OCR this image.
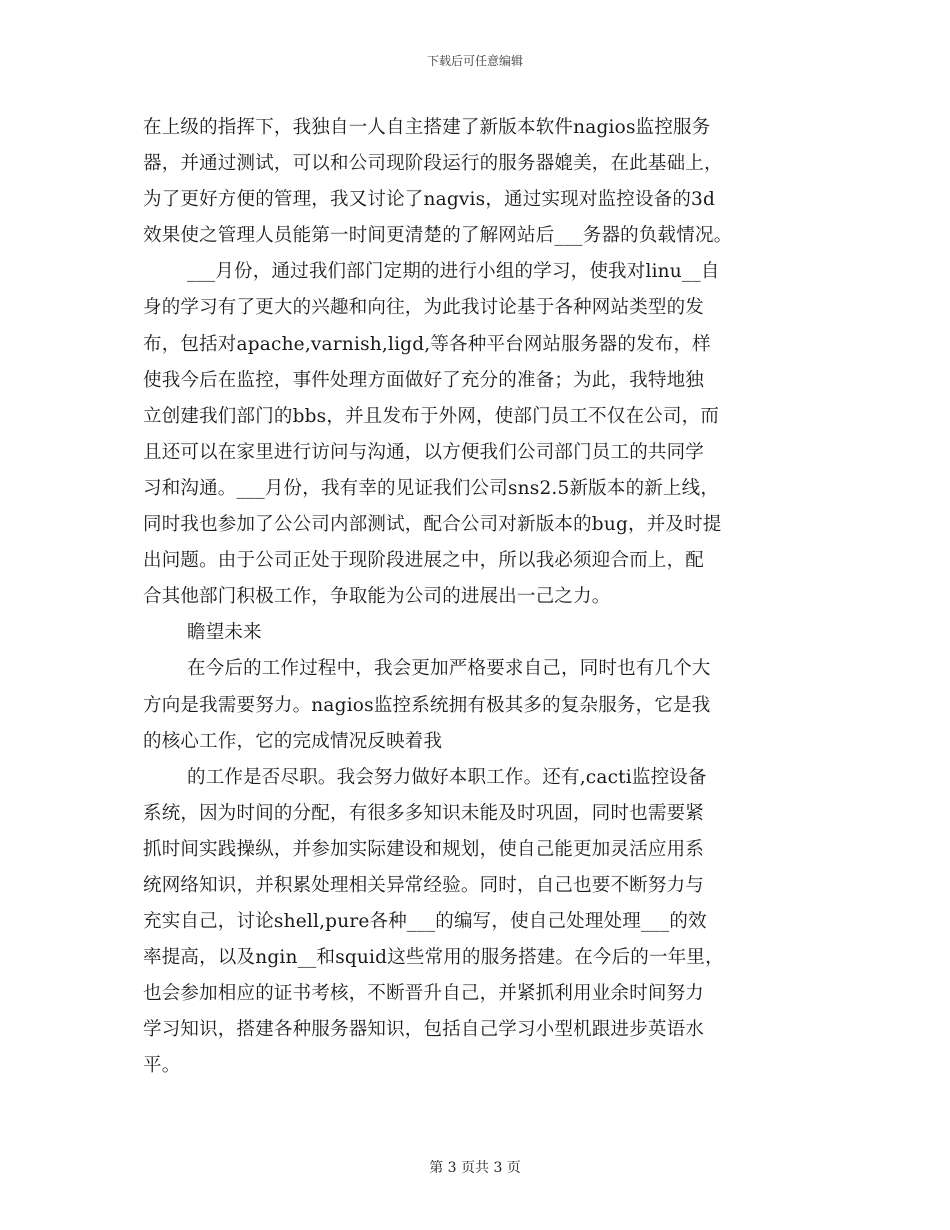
下载后可任意编辑
在上级的指挥下，我独自一人自主搭建了新版本软件nagios监控服务
器，并通过测试，可以和公司现阶段运行的服务器媲美，在此基础上，
为了更好方便的管理，我又讨论了nagvis，通过实现对监控设备的3d
效果使之管理人员能第一时间更清楚的了解网站后___务器的负载情况。
___月份，通过我们部门定期的进行小组的学习，使我对linu__自
身的学习有了更大的兴趣和向往，为此我讨论基于各种网站类型的发
布，包括对apache,varnish,ligd,等各种平台网站服务器的发布，样
使我今后在监控，事件处理方面做好了充分的准备；为此，我特地独
立创建我们部门的bbs，并且发布于外网，使部门员工不仅在公司，而
且还可以在家里进行访问与沟通，以方便我们公司部门员工的共同学
习和沟通。___月份，我有幸的见证我们公司sns2.5新版本的新上线，
同时我也参加了公公司内部测试，配合公司对新版本的bug，并及时提
出问题。由于公司正处于现阶段进展之中，所以我必须迎合而上，配
合其他部门积极工作，争取能为公司的进展出一己之力。
瞻望未来
在今后的工作过程中，我会更加严格要求自己，同时也有几个大
方向是我需要努力。nagios监控系统拥有极其多的复杂服务，它是我
的核心工作，它的完成情况反映着我
的工作是否尽职。我会努力做好本职工作。还有,cacti监控设备
系统，因为时间的分配，有很多多知识未能及时巩固，同时也需要紧
抓时间实践操纵，并参加实际建设和规划，使自己能更加灵活应用系
统网络知识，并积累处理相关异常经验。同时，自己也要不断努力与
充实自己，讨论shell,pure各种___的编写，使自己处理处理___的效
率提高，以及ngin__和squid这些常用的服务搭建。在今后的一年里，
也会参加相应的证书考核，不断晋升自己，并紧抓利用业余时间努力
学习知识，搭建各种服务器知识，包括自己学习小型机跟进步英语水
平。
第 3 页共 3 页
